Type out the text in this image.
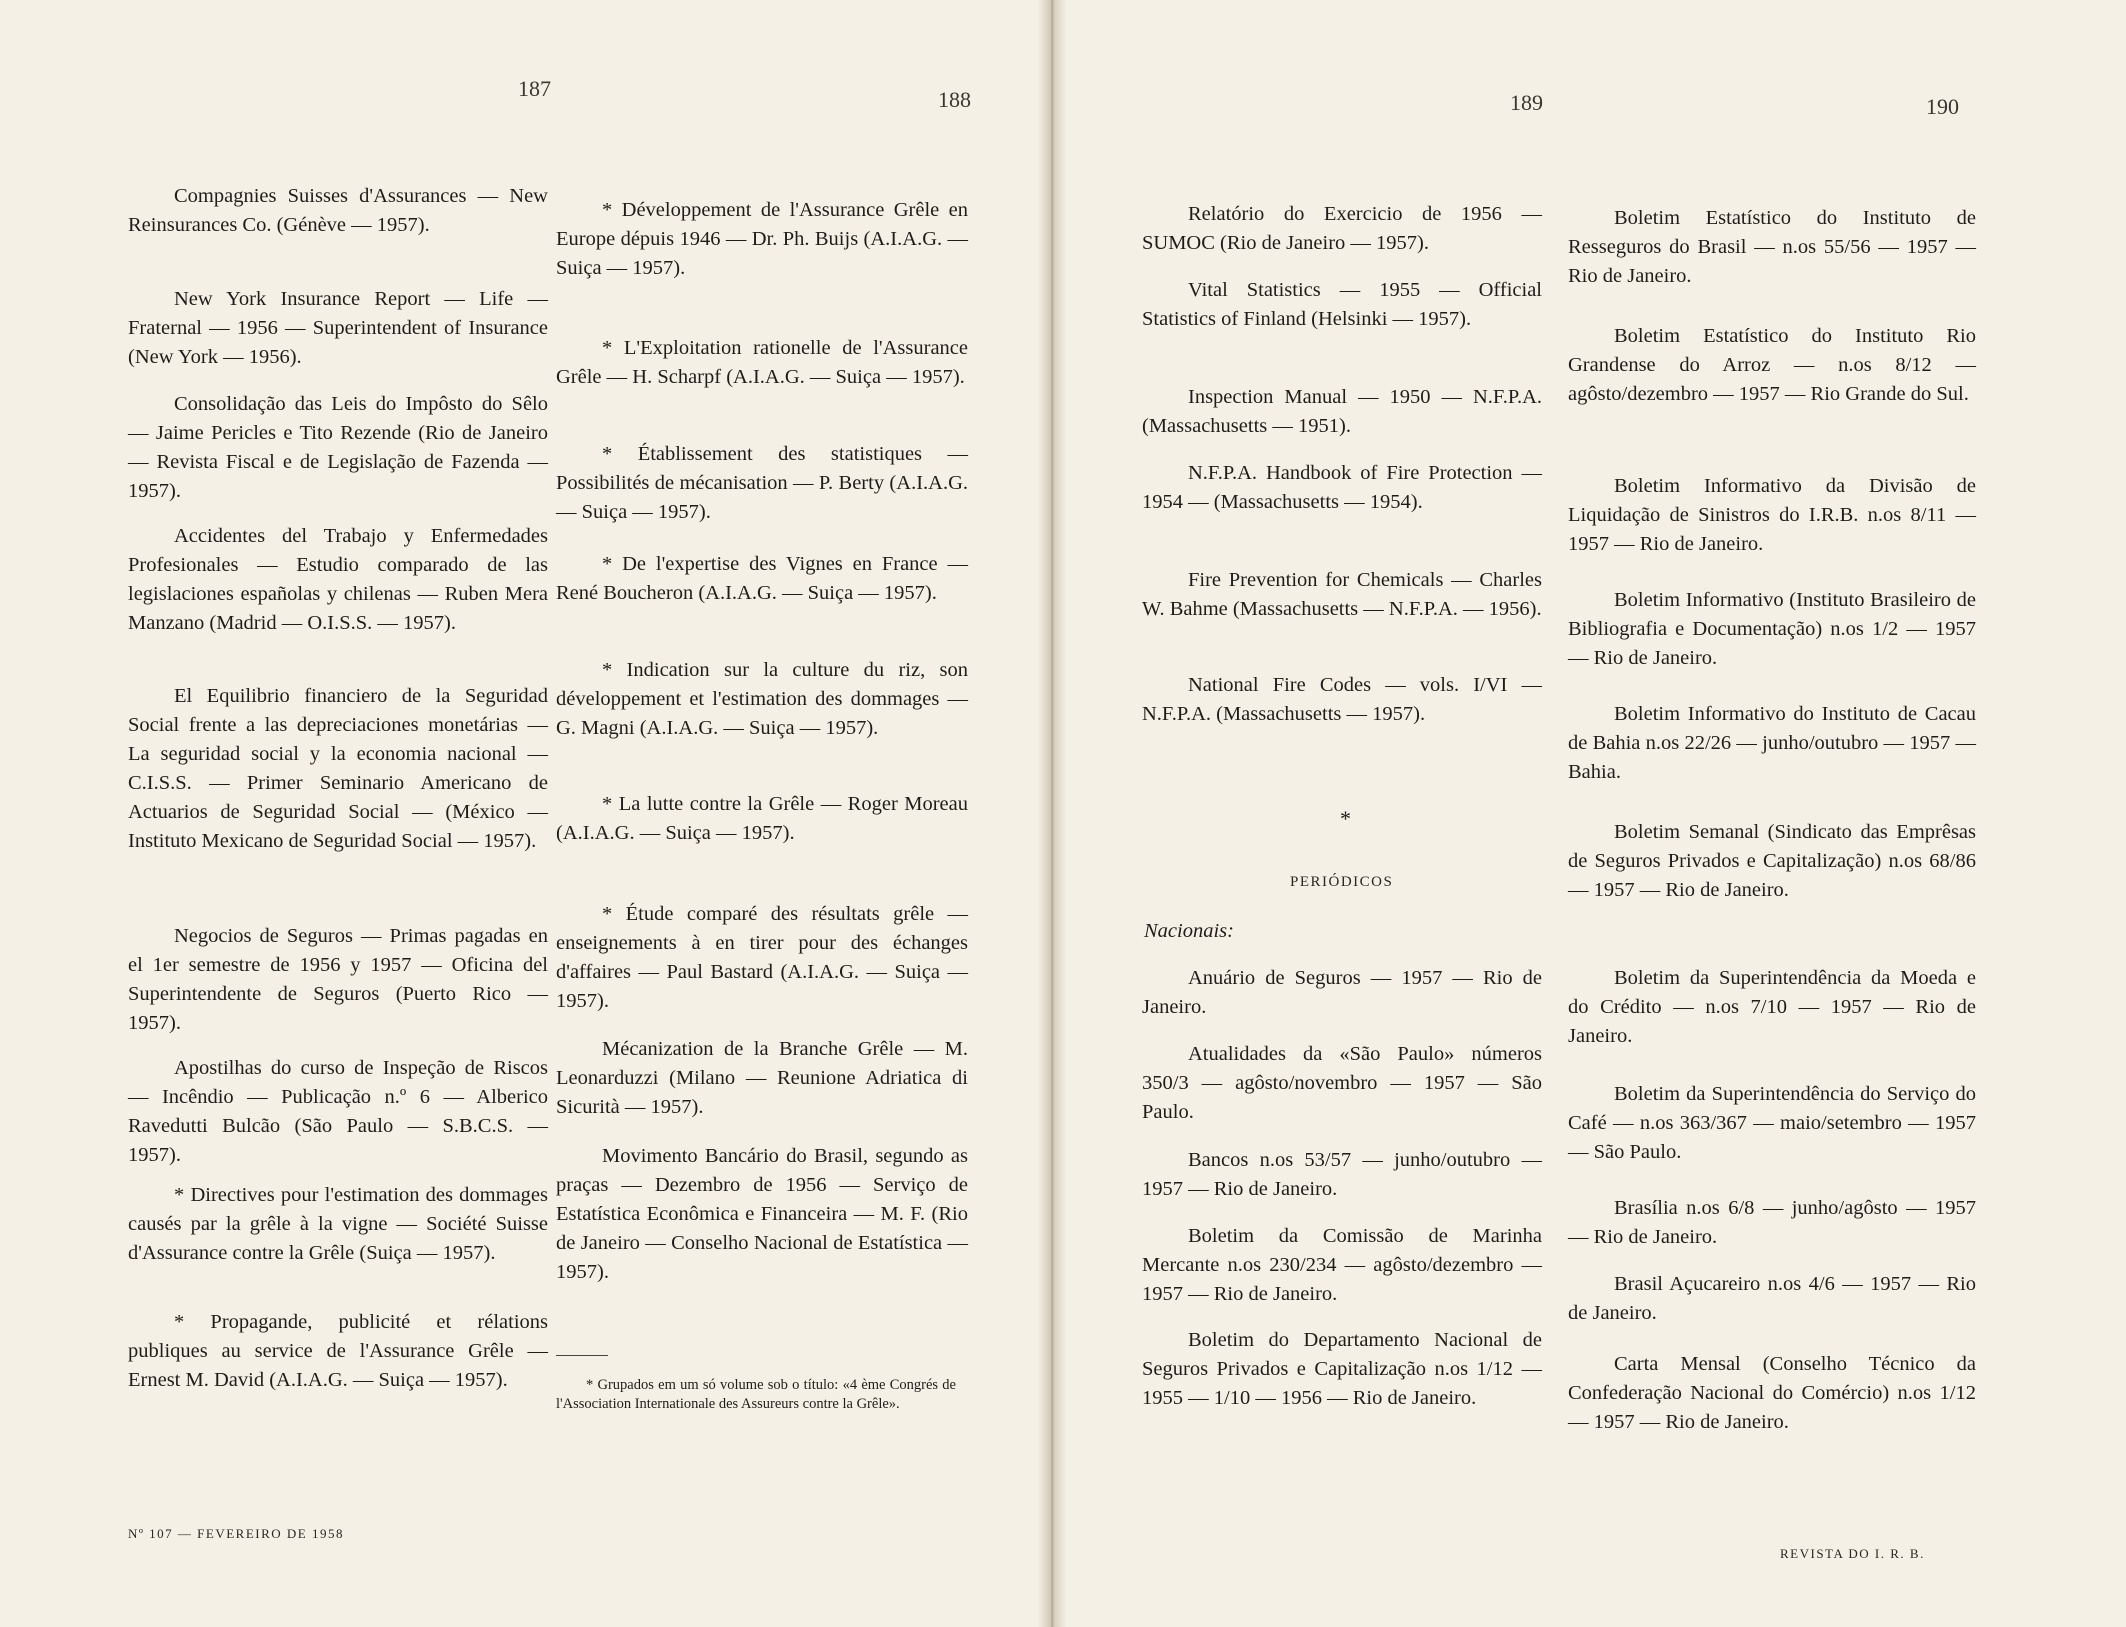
187	188

Compagnies Suisses d'Assurances — New Reinsurances Co. (Génève — 1957).

New York Insurance Report — Life — Fraternal — 1956 — Superintendent of Insurance (New York — 1956).

Consolidação das Leis do Impôsto do Sêlo — Jaime Pericles e Tito Rezende (Rio de Janeiro — Revista Fiscal e de Legislação de Fazenda — 1957).

Accidentes del Trabajo y Enfermedades Profesionales — Estudio comparado de las legislaciones españolas y chilenas — Ruben Mera Manzano (Madrid — O.I.S.S. — 1957).

El Equilibrio financiero de la Seguridad Social frente a las depreciaciones monetárias — La seguridad social y la economia nacional — C.I.S.S. — Primer Seminario Americano de Actuarios de Seguridad Social — (México — Instituto Mexicano de Seguridad Social — 1957).

Negocios de Seguros — Primas pagadas en el 1er semestre de 1956 y 1957 — Oficina del Superintendente de Seguros (Puerto Rico — 1957).

Apostilhas do curso de Inspeção de Riscos — Incêndio — Publicação n.º 6 — Alberico Ravedutti Bulcão (São Paulo — S.B.C.S. — 1957).

* Directives pour l'estimation des dommages causés par la grêle à la vigne — Société Suisse d'Assurance contre la Grêle (Suiça — 1957).

* Propagande, publicité et rélations publiques au service de l'Assurance Grêle — Ernest M. David (A.I.A.G. — Suiça — 1957).

* Développement de l'Assurance Grêle en Europe dépuis 1946 — Dr. Ph. Buijs (A.I.A.G. — Suiça — 1957).

* L'Exploitation rationelle de l'Assurance Grêle — H. Scharpf (A.I.A.G. — Suiça — 1957).

* Établissement des statistiques — Possibilités de mécanisation — P. Berty (A.I.A.G. — Suiça — 1957).

* De l'expertise des Vignes en France — René Boucheron (A.I.A.G. — Suiça — 1957).

* Indication sur la culture du riz, son développement et l'estimation des dommages — G. Magni (A.I.A.G. — Suiça — 1957).

* La lutte contre la Grêle — Roger Moreau (A.I.A.G. — Suiça — 1957).

* Étude comparé des résultats grêle — enseignements à en tirer pour des échanges d'affaires — Paul Bastard (A.I.A.G. — Suiça — 1957).

Mécanization de la Branche Grêle — M. Leonarduzzi (Milano — Reunione Adriatica di Sicurità — 1957).

Movimento Bancário do Brasil, segundo as praças — Dezembro de 1956 — Serviço de Estatística Econômica e Financeira — M. F. (Rio de Janeiro — Conselho Nacional de Estatística — 1957).

* Grupados em um só volume sob o título: «4 ème Congrés de l'Association Internationale des Assureurs contre la Grêle».
Nº 107 — FEVEREIRO DE 1958
189	190

Relatório do Exercicio de 1956 — SUMOC (Rio de Janeiro — 1957).

Vital Statistics — 1955 — Official Statistics of Finland (Helsinki — 1957).

Inspection Manual — 1950 — N.F.P.A. (Massachusetts — 1951).

N.F.P.A. Handbook of Fire Protection — 1954 — (Massachusetts — 1954).

Fire Prevention for Chemicals — Charles W. Bahme (Massachusetts — N.F.P.A. — 1956).

National Fire Codes — vols. I/VI — N.F.P.A. (Massachusetts — 1957).

Anuário de Seguros — 1957 — Rio de Janeiro.

Atualidades da «São Paulo» números 350/3 — agôsto/novembro — 1957 — São Paulo.

Bancos n.os 53/57 — junho/outubro — 1957 — Rio de Janeiro.

Boletim da Comissão de Marinha Mercante n.os 230/234 — agôsto/dezembro — 1957 — Rio de Janeiro.

Boletim do Departamento Nacional de Seguros Privados e Capitalização n.os 1/12 — 1955 — 1/10 — 1956 — Rio de Janeiro.

*
PERIÓDICOS
Nacionais:

Boletim Estatístico do Instituto de Resseguros do Brasil — n.os 55/56 — 1957 — Rio de Janeiro.

Boletim Estatístico do Instituto Rio Grandense do Arroz — n.os 8/12 — agôsto/dezembro — 1957 — Rio Grande do Sul.

Boletim Informativo da Divisão de Liquidação de Sinistros do I.R.B. n.os 8/11 — 1957 — Rio de Janeiro.

Boletim Informativo (Instituto Brasileiro de Bibliografia e Documentação) n.os 1/2 — 1957 — Rio de Janeiro.

Boletim Informativo do Instituto de Cacau de Bahia n.os 22/26 — junho/outubro — 1957 — Bahia.

Boletim Semanal (Sindicato das Emprêsas de Seguros Privados e Capitalização) n.os 68/86 — 1957 — Rio de Janeiro.

Boletim da Superintendência da Moeda e do Crédito — n.os 7/10 — 1957 — Rio de Janeiro.

Boletim da Superintendência do Serviço do Café — n.os 363/367 — maio/setembro — 1957 — São Paulo.

Brasília n.os 6/8 — junho/agôsto — 1957 — Rio de Janeiro.

Brasil Açucareiro n.os 4/6 — 1957 — Rio de Janeiro.

Carta Mensal (Conselho Técnico da Confederação Nacional do Comércio) n.os 1/12 — 1957 — Rio de Janeiro.

REVISTA DO I. R. B.
